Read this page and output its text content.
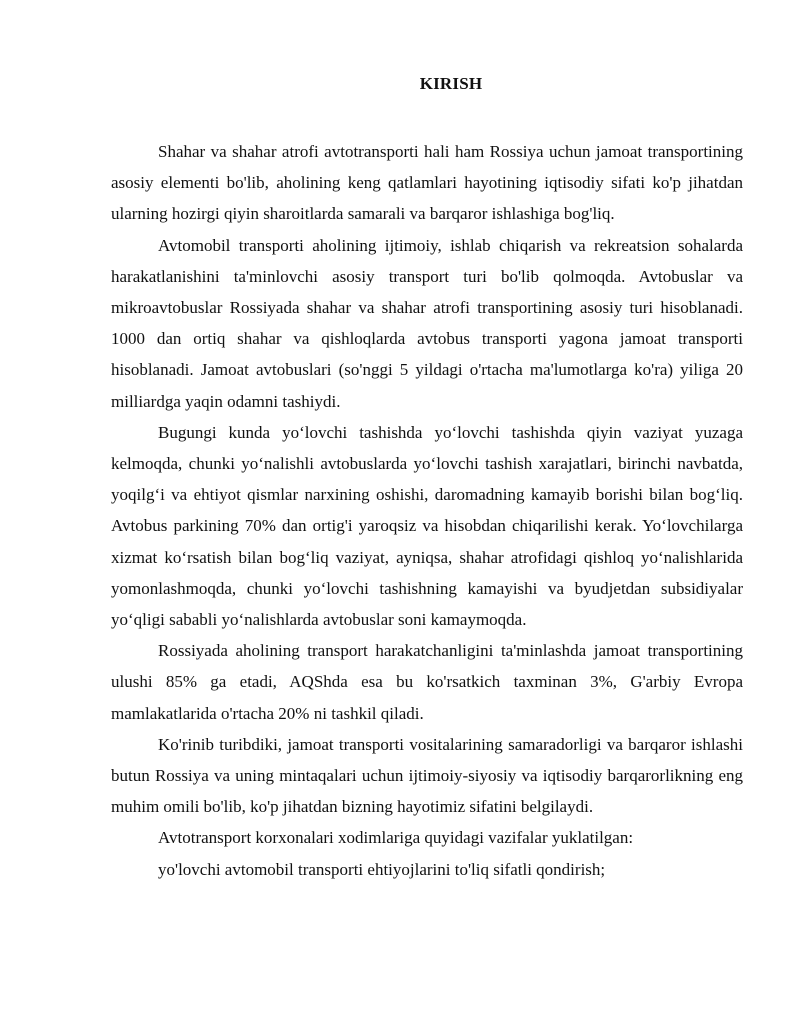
KIRISH

Shahar va shahar atrofi avtotransporti hali ham Rossiya uchun jamoat transportining asosiy elementi bo'lib, aholining keng qatlamlari hayotining iqtisodiy sifati ko'p jihatdan ularning hozirgi qiyin sharoitlarda samarali va barqaror ishlashiga bog'liq.

Avtomobil transporti aholining ijtimoiy, ishlab chiqarish va rekreatsion sohalarda harakatlanishini ta'minlovchi asosiy transport turi bo'lib qolmoqda. Avtobuslar va mikroavtobuslar Rossiyada shahar va shahar atrofi transportining asosiy turi hisoblanadi. 1000 dan ortiq shahar va qishloqlarda avtobus transporti yagona jamoat transporti hisoblanadi. Jamoat avtobuslari (so'nggi 5 yildagi o'rtacha ma'lumotlarga ko'ra) yiliga 20 milliardga yaqin odamni tashiydi.

Bugungi kunda yo‘lovchi tashishda yo‘lovchi tashishda qiyin vaziyat yuzaga kelmoqda, chunki yo‘nalishli avtobuslarda yo‘lovchi tashish xarajatlari, birinchi navbatda, yoqilg‘i va ehtiyot qismlar narxining oshishi, daromadning kamayib borishi bilan bog‘liq. Avtobus parkining 70% dan ortig'i yaroqsiz va hisobdan chiqarilishi kerak. Yo‘lovchilarga xizmat ko‘rsatish bilan bog‘liq vaziyat, ayniqsa, shahar atrofidagi qishloq yo‘nalishlarida yomonlashmoqda, chunki yo‘lovchi tashishning kamayishi va byudjetdan subsidiyalar yo‘qligi sababli yo‘nalishlarda avtobuslar soni kamaymoqda.

Rossiyada aholining transport harakatchanligini ta'minlashda jamoat transportining ulushi 85% ga etadi, AQShda esa bu ko'rsatkich taxminan 3%, G'arbiy Evropa mamlakatlarida o'rtacha 20% ni tashkil qiladi.

Ko'rinib turibdiki, jamoat transporti vositalarining samaradorligi va barqaror ishlashi butun Rossiya va uning mintaqalari uchun ijtimoiy-siyosiy va iqtisodiy barqarorlikning eng muhim omili bo'lib, ko'p jihatdan bizning hayotimiz sifatini belgilaydi.

Avtotransport korxonalari xodimlariga quyidagi vazifalar yuklatilgan:

yo'lovchi avtomobil transporti ehtiyojlarini to'liq sifatli qondirish;
